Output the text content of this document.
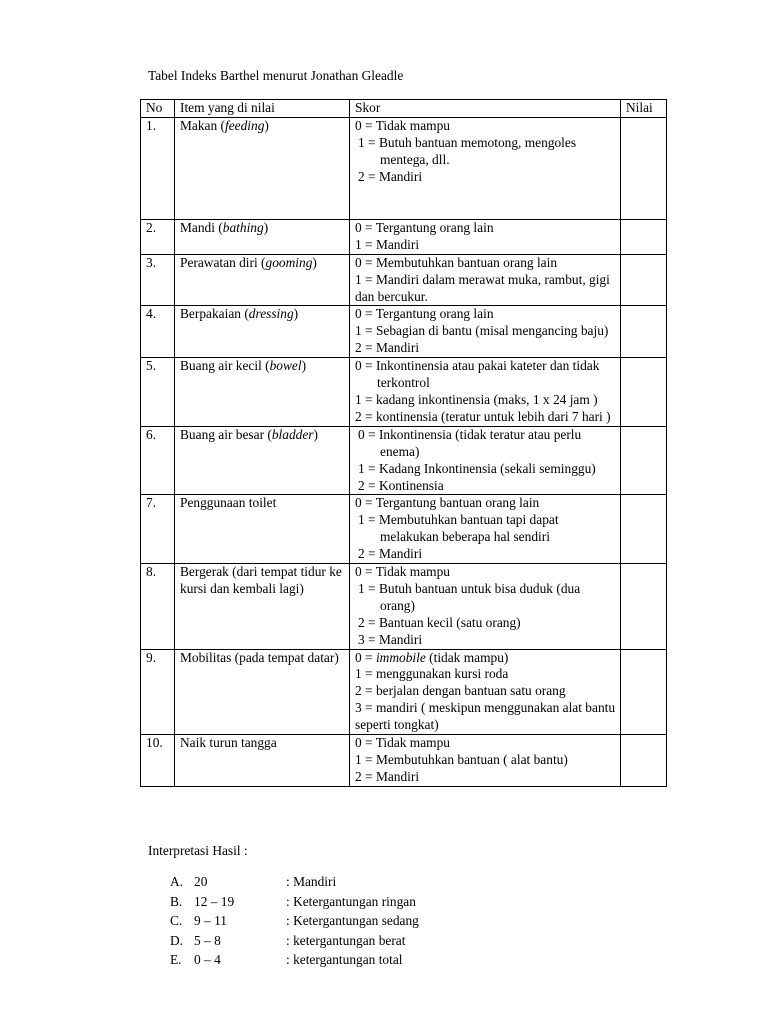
Tabel Indeks Barthel menurut Jonathan Gleadle
No	Item yang di nilai	Skor	Nilai
1.	Makan (feeding)	0 = Tidak mampu
1 = Butuh bantuan memotong, mengoles mentega, dll.
2 = Mandiri	

2.	Mandi (bathing)	0 = Tergantung orang lain
1 = Mandiri	

3.	Perawatan diri (gooming)	0 = Membutuhkan bantuan orang lain
1 = Mandiri dalam merawat muka, rambut, gigi dan bercukur.	

4.	Berpakaian (dressing)	0 = Tergantung orang lain
1 = Sebagian di bantu (misal mengancing baju)
2 = Mandiri	

5.	Buang air kecil (bowel)	0 = Inkontinensia atau pakai kateter dan tidak terkontrol
1 = kadang inkontinensia (maks, 1 x 24 jam )
2 = kontinensia (teratur untuk lebih dari 7 hari )	

6.	Buang air besar (bladder)	0 = Inkontinensia (tidak teratur atau perlu enema)
1 = Kadang Inkontinensia (sekali seminggu)
2 = Kontinensia	

7.	Penggunaan toilet	0 = Tergantung bantuan orang lain
1 = Membutuhkan bantuan tapi dapat melakukan beberapa hal sendiri
2 = Mandiri	

8.	Bergerak (dari tempat tidur ke kursi dan kembali lagi)	0 = Tidak mampu
1 = Butuh bantuan untuk bisa duduk (dua orang)
2 = Bantuan kecil (satu orang)
3 = Mandiri	

9.	Mobilitas (pada tempat datar)	0 = immobile (tidak mampu)
1 = menggunakan kursi roda
2 = berjalan dengan bantuan satu orang
3 = mandiri ( meskipun menggunakan alat bantu seperti tongkat)	

10.	Naik turun tangga	0 = Tidak mampu
1 = Membutuhkan bantuan ( alat bantu)
2 = Mandiri	

Interpretasi Hasil :
A. 20	: Mandiri
B. 12 – 19	: Ketergantungan ringan
C. 9 – 11	: Ketergantungan sedang
D. 5 – 8	: ketergantungan berat
E. 0 – 4	: ketergantungan total
